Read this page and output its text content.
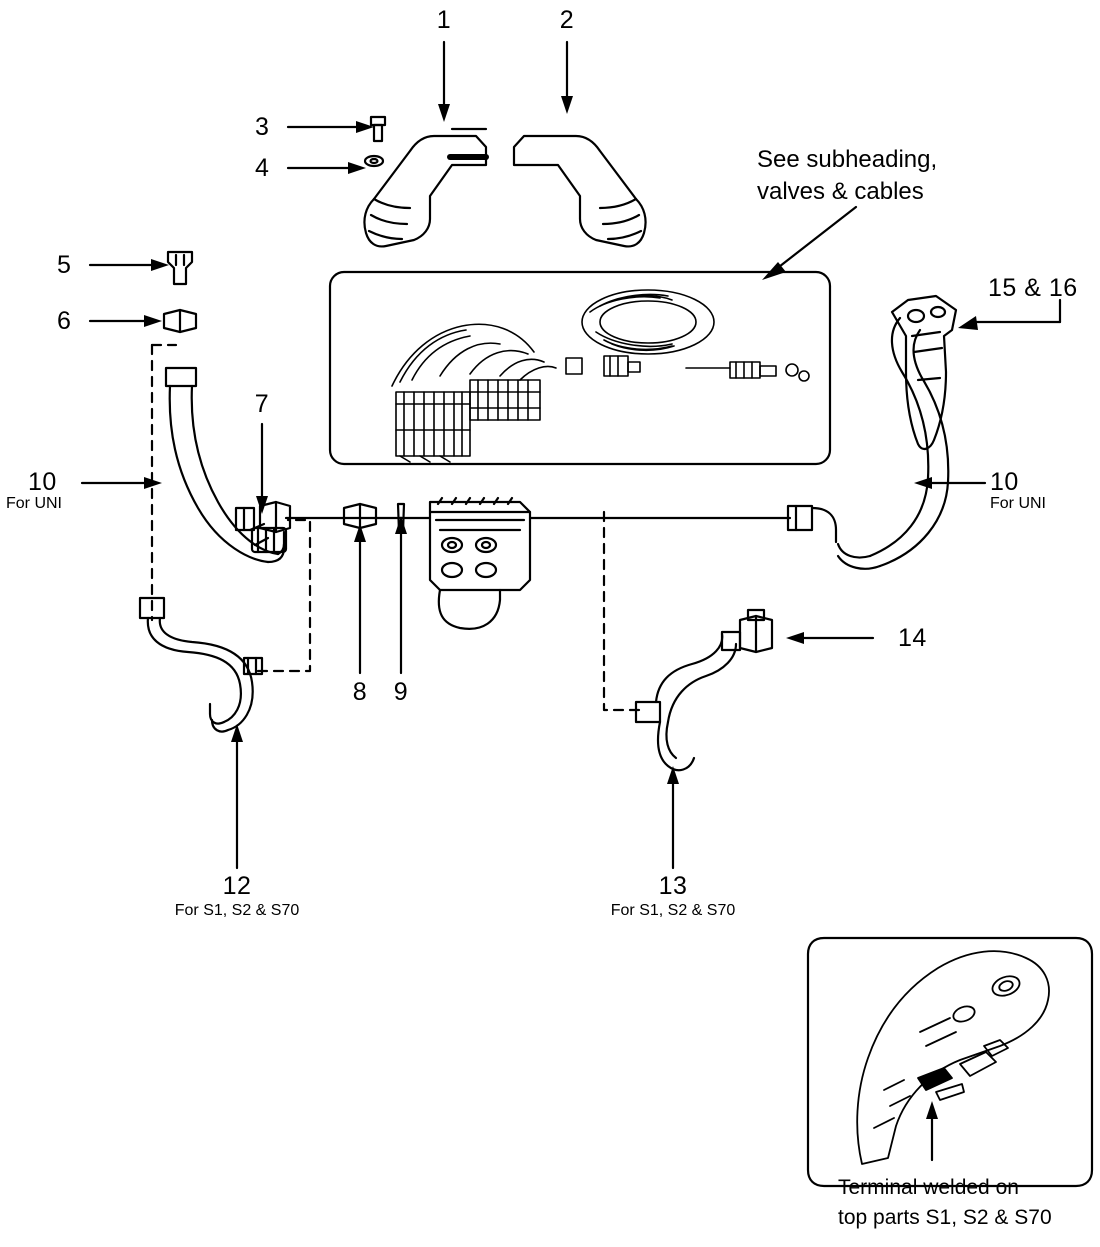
1	2
3
4
5
6
7
8 9
10
For UNI
10
For UNI
12
For S1, S2 & S70
13
For S1, S2 & S70
14
15 & 16
See subheading,
valves & cables
Terminal welded on
top parts S1, S2 & S70
